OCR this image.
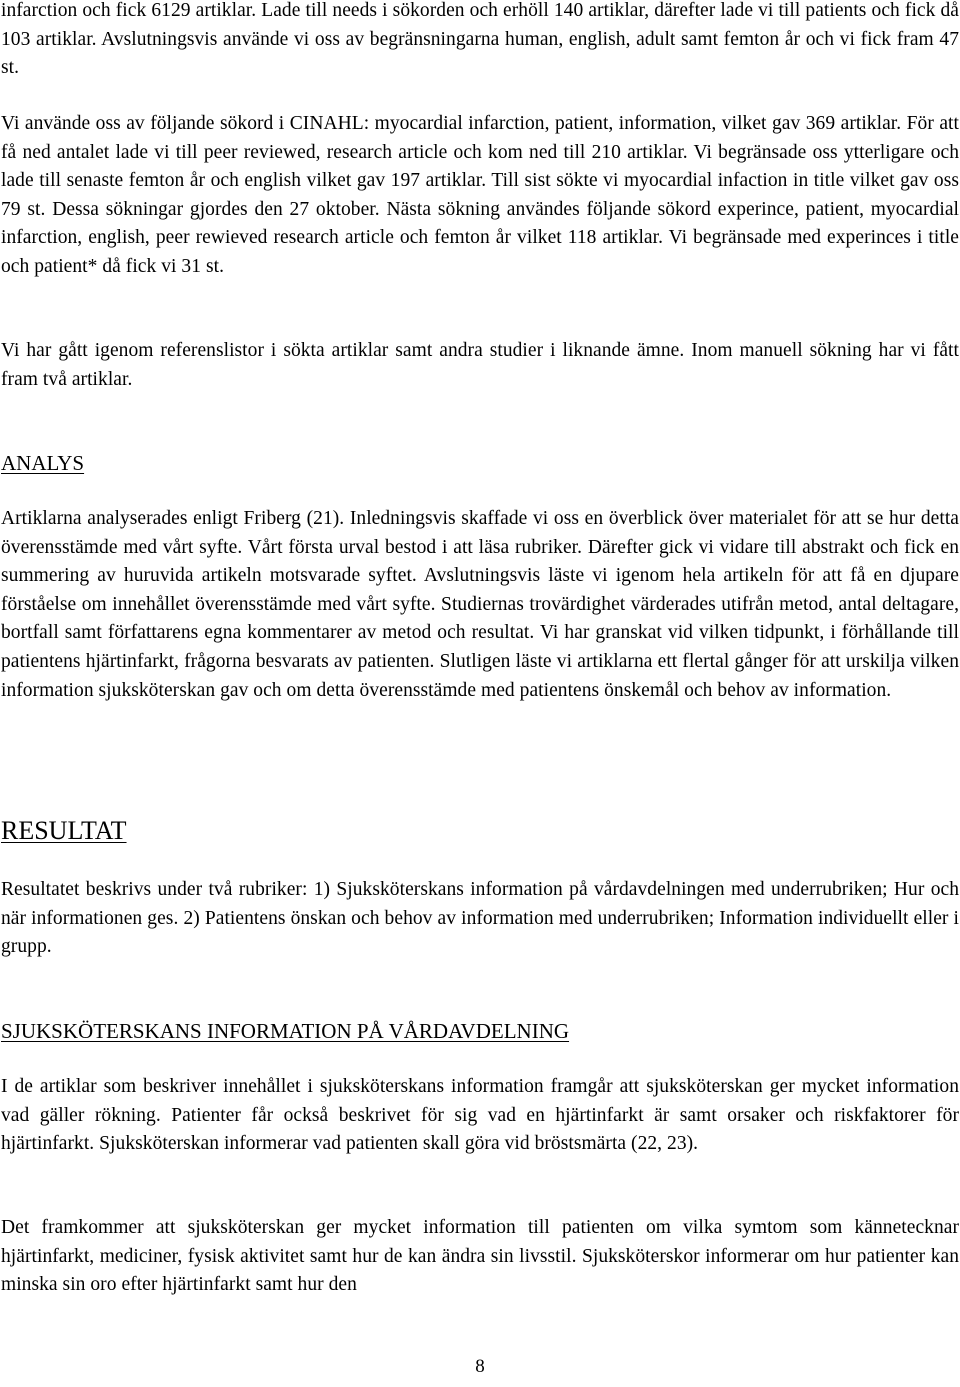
infarction och fick 6129 artiklar. Lade till needs i sökorden och erhöll 140 artiklar, därefter lade vi till patients och fick då 103 artiklar. Avslutningsvis använde vi oss av begränsningarna human, english, adult samt femton år och vi fick fram 47 st.

Vi använde oss av följande sökord i CINAHL: myocardial infarction, patient, information, vilket gav 369 artiklar. För att få ned antalet lade vi till peer reviewed, research article och kom ned till 210 artiklar. Vi begränsade oss ytterligare och lade till senaste femton år och english vilket gav 197 artiklar. Till sist sökte vi myocardial infaction in title vilket gav oss 79 st. Dessa sökningar gjordes den 27 oktober. Nästa sökning användes följande sökord experince, patient, myocardial infarction, english, peer rewieved research article och femton år vilket 118 artiklar. Vi begränsade med experinces i title och patient* då fick vi 31 st.

Vi har gått igenom referenslistor i sökta artiklar samt andra studier i liknande ämne. Inom manuell sökning har vi fått fram två artiklar.

ANALYS

Artiklarna analyserades enligt Friberg (21). Inledningsvis skaffade vi oss en överblick över materialet för att se hur detta överensstämde med vårt syfte. Vårt första urval bestod i att läsa rubriker. Därefter gick vi vidare till abstrakt och fick en summering av huruvida artikeln motsvarade syftet. Avslutningsvis läste vi igenom hela artikeln för att få en djupare förståelse om innehållet överensstämde med vårt syfte. Studiernas trovärdighet värderades utifrån metod, antal deltagare, bortfall samt författarens egna kommentarer av metod och resultat. Vi har granskat vid vilken tidpunkt, i förhållande till patientens hjärtinfarkt, frågorna besvarats av patienten. Slutligen läste vi artiklarna ett flertal gånger för att urskilja vilken information sjuksköterskan gav och om detta överensstämde med patientens önskemål och behov av information.

RESULTAT

Resultatet beskrivs under två rubriker: 1) Sjuksköterskans information på vårdavdelningen med underrubriken; Hur och när informationen ges. 2) Patientens önskan och behov av information med underrubriken; Information individuellt eller i grupp.

SJUKSKÖTERSKANS INFORMATION PÅ VÅRDAVDELNING

I de artiklar som beskriver innehållet i sjuksköterskans information framgår att sjuksköterskan ger mycket information vad gäller rökning. Patienter får också beskrivet för sig vad en hjärtinfarkt är samt orsaker och riskfaktorer för hjärtinfarkt. Sjuksköterskan informerar vad patienten skall göra vid bröstsmärta (22, 23).

Det framkommer att sjuksköterskan ger mycket information till patienten om vilka symtom som kännetecknar hjärtinfarkt, mediciner, fysisk aktivitet samt hur de kan ändra sin livsstil. Sjuksköterskor informerar om hur patienter kan minska sin oro efter hjärtinfarkt samt hur den

8
